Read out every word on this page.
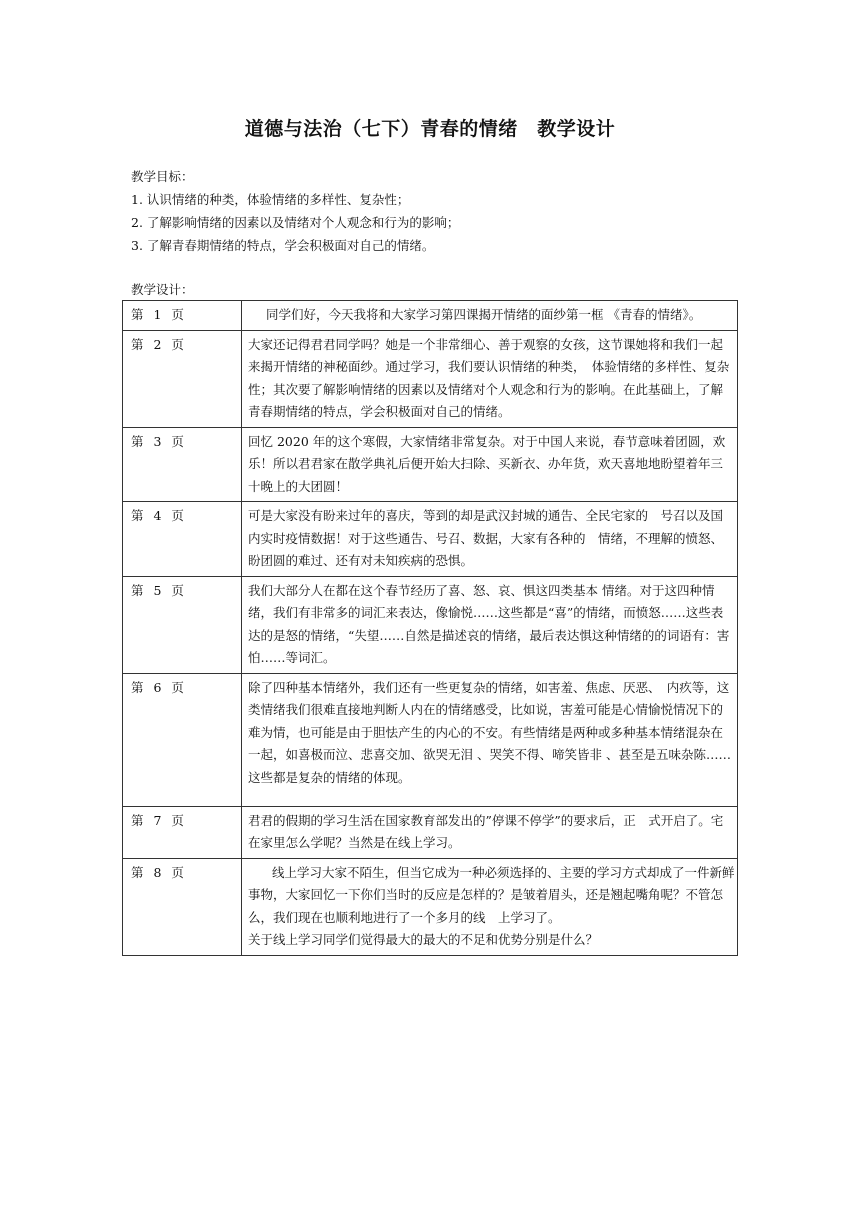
道德与法治（七下）青春的情绪　教学设计
教学目标：
1. 认识情绪的种类，体验情绪的多样性、复杂性；
2. 了解影响情绪的因素以及情绪对个人观念和行为的影响；
3. 了解青春期情绪的特点，学会积极面对自己的情绪。
教学设计：
第 1 页	同学们好，今天我将和大家学习第四课揭开情绪的面纱第一框 《青春的情绪》。
第 2 页	大家还记得君君同学吗？她是一个非常细心、善于观察的女孩，这节课她将和我们一起来揭开情绪的神秘面纱。通过学习，我们要认识情绪的种类，　体验情绪的多样性、复杂性；其次要了解影响情绪的因素以及情绪对个人观念和行为的影响。在此基础上，了解青春期情绪的特点，学会积极面对自己的情绪。
第 3 页	回忆 2020 年的这个寒假，大家情绪非常复杂。对于中国人来说，春节意味着团圆，欢乐！所以君君家在散学典礼后便开始大扫除、买新衣、办年货，欢天喜地地盼望着年三十晚上的大团圆！
第 4 页	可是大家没有盼来过年的喜庆，等到的却是武汉封城的通告、全民宅家的　号召以及国内实时疫情数据！对于这些通告、号召、数据，大家有各种的　情绪，不理解的愤怒、盼团圆的难过、还有对未知疾病的恐惧。
第 5 页	我们大部分人在都在这个春节经历了喜、怒、哀、惧这四类基本 情绪。对于这四种情绪，我们有非常多的词汇来表达，像愉悦……这些都是“喜”的情绪，而愤怒……这些表达的是怒的情绪，“失望……自然是描述哀的情绪，最后表达惧这种情绪的的词语有：害怕……等词汇。
第 6 页	除了四种基本情绪外，我们还有一些更复杂的情绪，如害羞、焦虑、厌恶、　内疚等，这类情绪我们很难直接地判断人内在的情绪感受，比如说，害羞可能是心情愉悦情况下的难为情，也可能是由于胆怯产生的内心的不安。有些情绪是两种或多种基本情绪混杂在一起，如喜极而泣、悲喜交加、欲哭无泪 、哭笑不得、啼笑皆非 、甚至是五味杂陈……这些都是复杂的情绪的体现。
第 7 页	君君的假期的学习生活在国家教育部发出的”停课不停学”的要求后，正　式开启了。宅在家里怎么学呢？当然是在线上学习。
第 8 页	线上学习大家不陌生，但当它成为一种必须选择的、主要的学习方式却成了一件新鲜事物，大家回忆一下你们当时的反应是怎样的？是皱着眉头，还是翘起嘴角呢？不管怎么，我们现在也顺利地进行了一个多月的线　上学习了。
关于线上学习同学们觉得最大的最大的不足和优势分别是什么？
